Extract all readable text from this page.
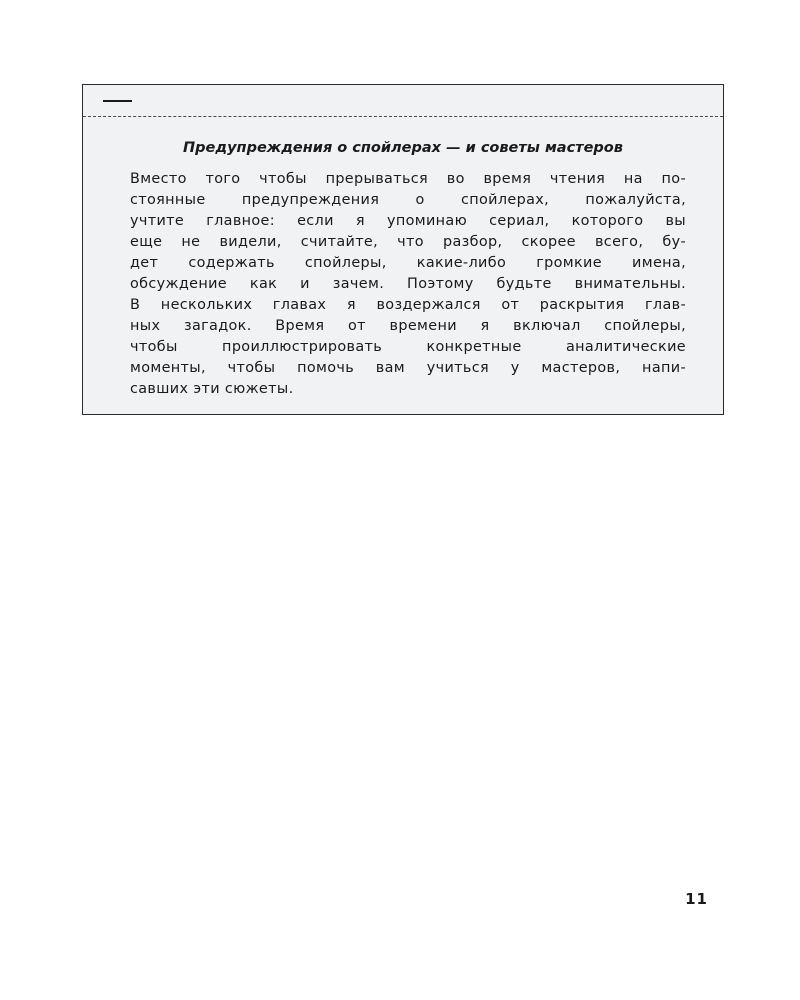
Предупреждения о спойлерах — и советы мастеров

Вместо того чтобы прерываться во время чтения на по-
стоянные предупреждения о спойлерах, пожалуйста,
учтите главное: если я упоминаю сериал, которого вы
еще не видели, считайте, что разбор, скорее всего, бу-
дет содержать спойлеры, какие-либо громкие имена,
обсуждение как и зачем. Поэтому будьте внимательны.
В нескольких главах я воздержался от раскрытия глав-
ных загадок. Время от времени я включал спойлеры,
чтобы проиллюстрировать конкретные аналитические
моменты, чтобы помочь вам учиться у мастеров, напи-
савших эти сюжеты.

11
